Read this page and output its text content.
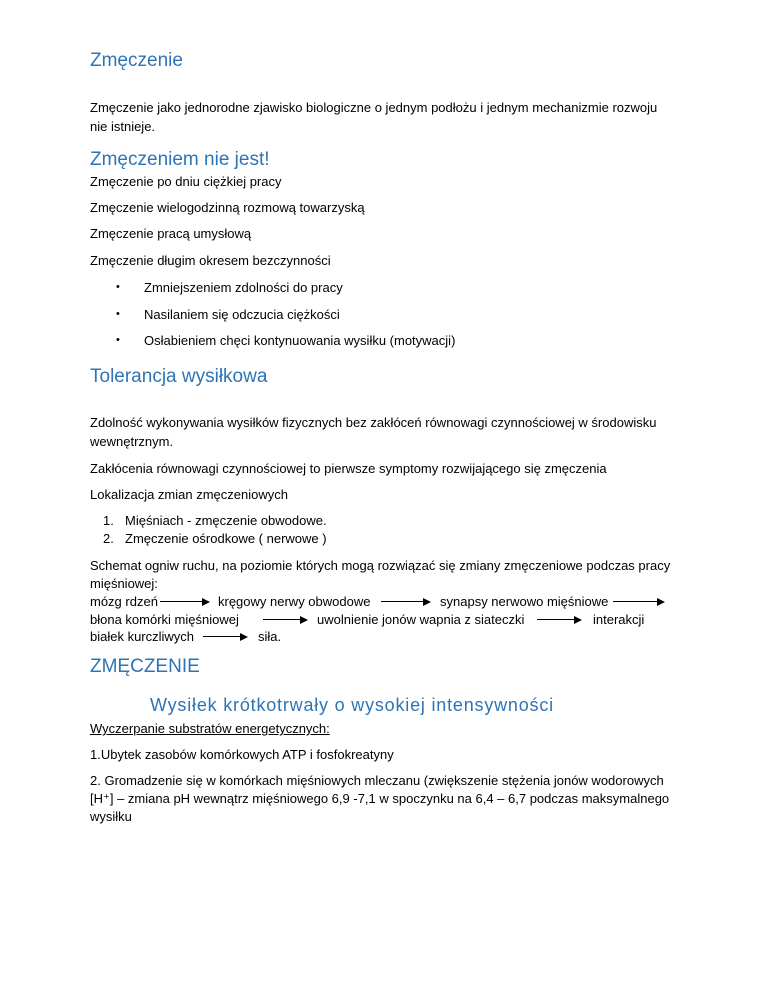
Zmęczenie
Zmęczenie jako jednorodne zjawisko biologiczne o jednym podłożu i jednym mechanizmie rozwoju
nie istnieje.
Zmęczeniem nie jest!
Zmęczenie po dniu ciężkiej pracy
Zmęczenie wielogodzinną rozmową towarzyską
Zmęczenie pracą umysłową
Zmęczenie długim okresem bezczynności
• Zmniejszeniem zdolności do pracy
• Nasilaniem się odczucia ciężkości
• Osłabieniem chęci kontynuowania wysiłku (motywacji)
Tolerancja wysiłkowa
Zdolność wykonywania wysiłków fizycznych bez zakłóceń równowagi czynnościowej w środowisku
wewnętrznym.
Zakłócenia równowagi czynnościowej to pierwsze symptomy rozwijającego się zmęczenia
Lokalizacja zmian zmęczeniowych
1. Mięśniach - zmęczenie obwodowe.
2. Zmęczenie ośrodkowe ( nerwowe )
Schemat ogniw ruchu, na poziomie których mogą rozwiązać się zmiany zmęczeniowe podczas pracy
mięśniowej:
mózg rdzeń	kręgowy nerwy obwodowe	synapsy nerwowo mięśniowe
błona komórki mięśniowej	uwolnienie jonów wapnia z siateczki	interakcji
białek kurczliwych	siła.
ZMĘCZENIE
Wysiłek krótkotrwały o wysokiej intensywności
Wyczerpanie substratów energetycznych:
1.Ubytek zasobów komórkowych ATP i fosfokreatyny
2. Gromadzenie się w komórkach mięśniowych mleczanu (zwiększenie stężenia jonów wodorowych
[H⁺] – zmiana pH wewnątrz mięśniowego 6,9 -7,1 w spoczynku na 6,4 – 6,7 podczas maksymalnego
wysiłku
